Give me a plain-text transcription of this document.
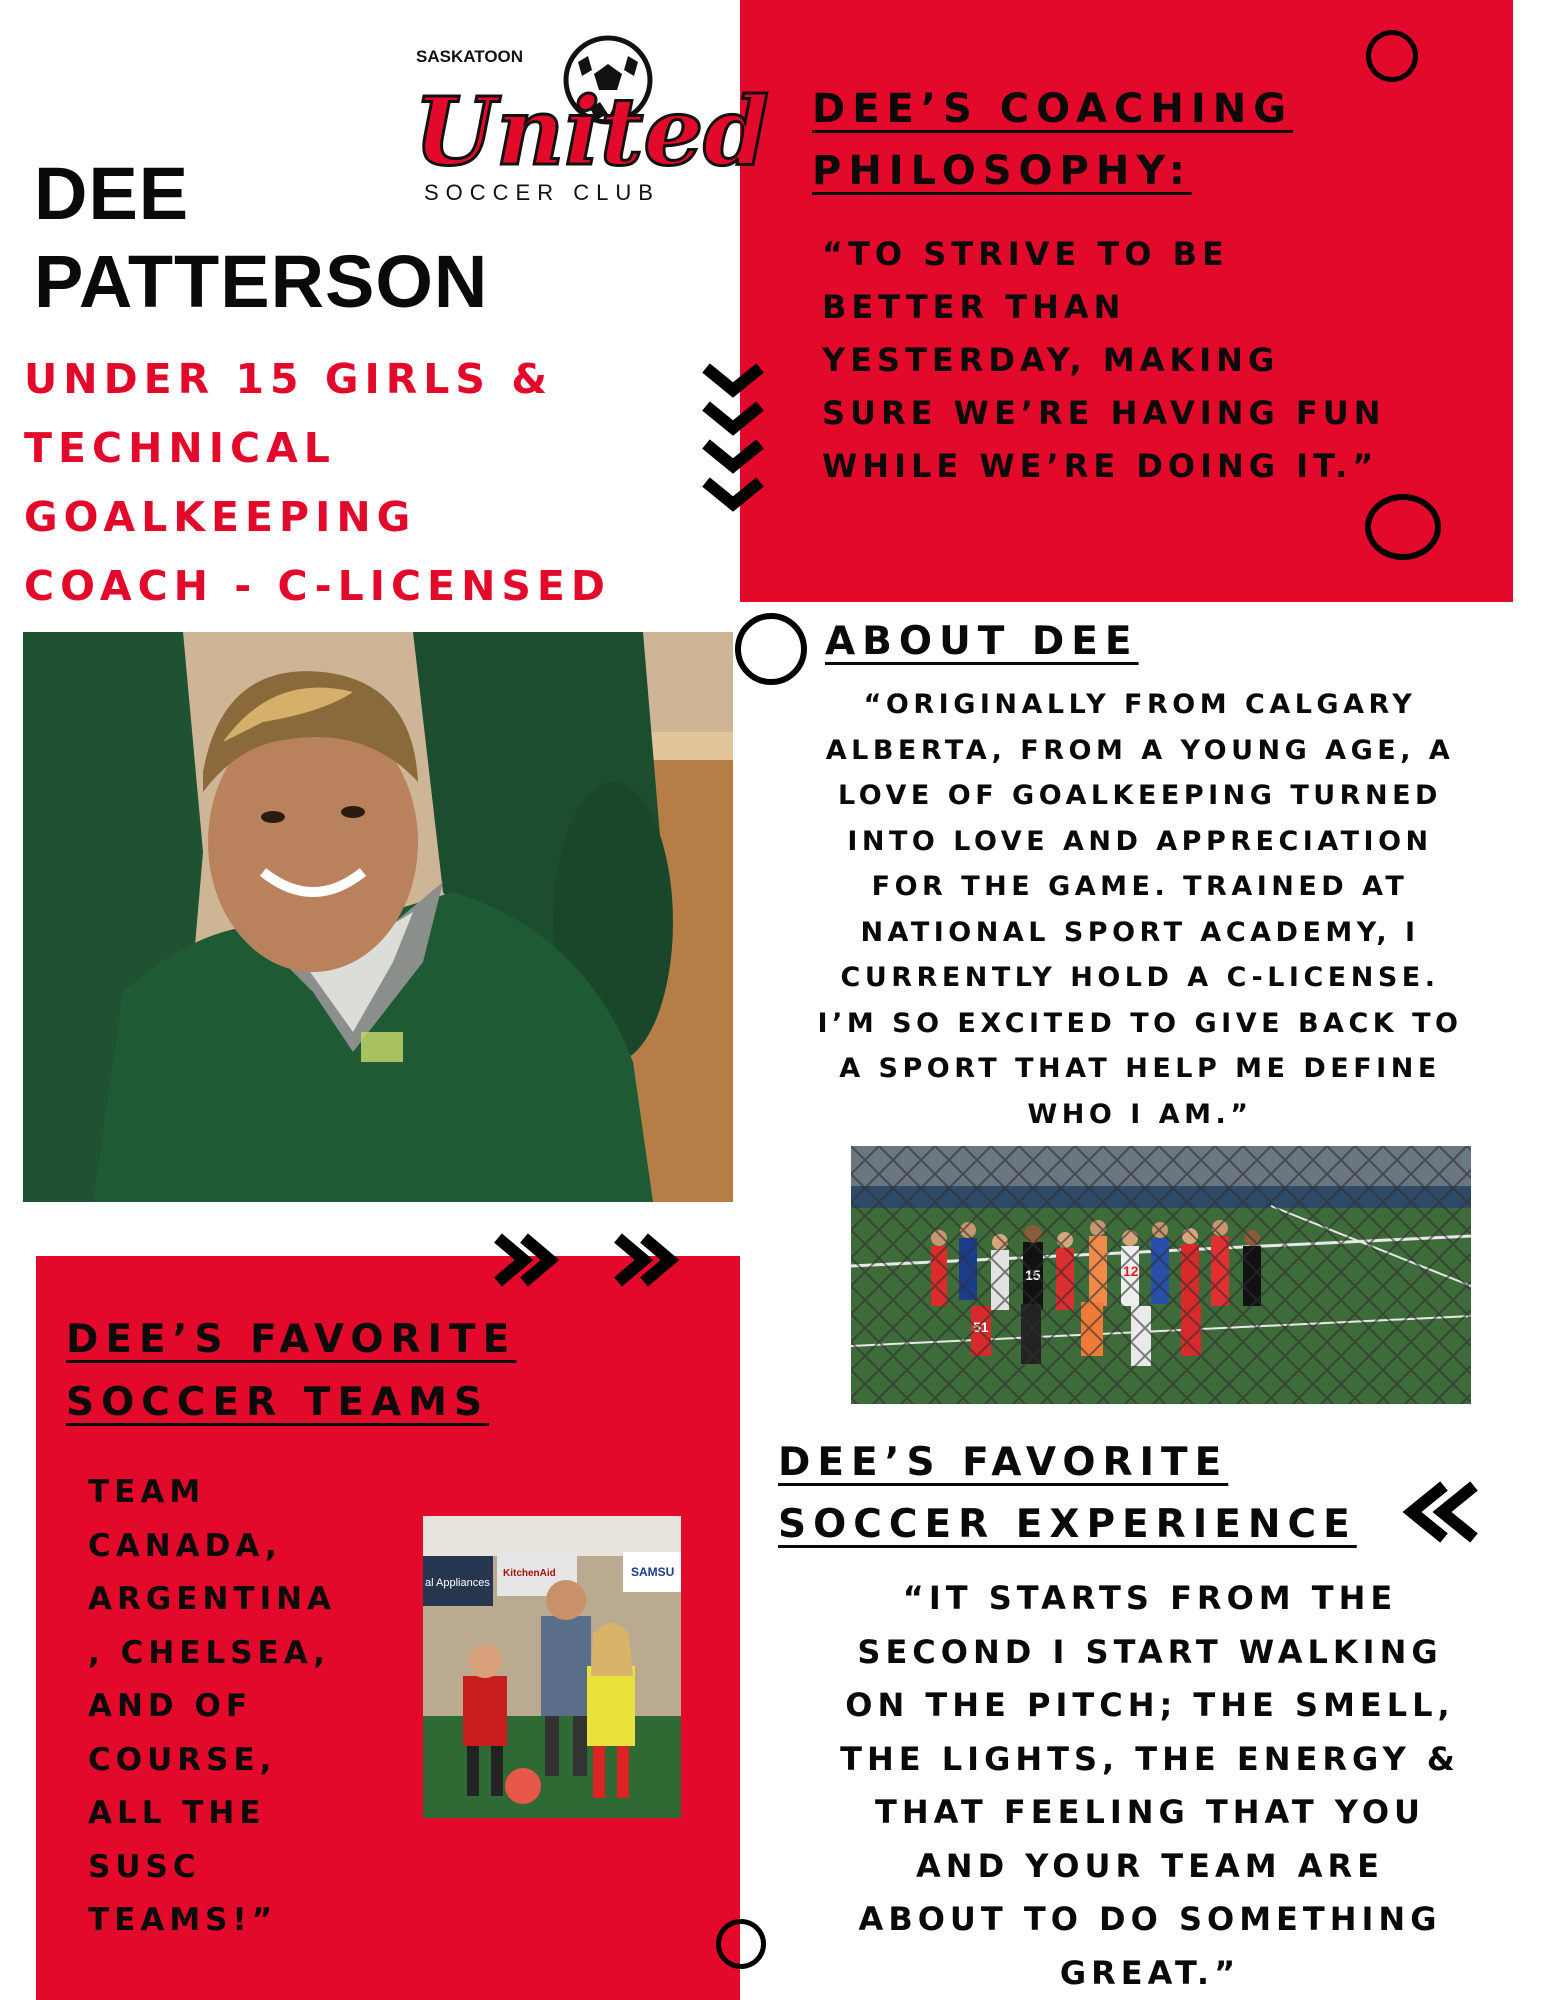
SASKATOON
United
SOCCER CLUB
DEE
PATTERSON
UNDER 15 GIRLS &
TECHNICAL
GOALKEEPING
COACH - C-LICENSED
DEE’S COACHING
PHILOSOPHY:
“TO STRIVE TO BE
BETTER THAN
YESTERDAY, MAKING
SURE WE’RE HAVING FUN
WHILE WE’RE DOING IT.”
ABOUT DEE
“ORIGINALLY FROM CALGARY
ALBERTA, FROM A YOUNG AGE, A
LOVE OF GOALKEEPING TURNED
INTO LOVE AND APPRECIATION
FOR THE GAME. TRAINED AT
NATIONAL SPORT ACADEMY, I
CURRENTLY HOLD A C-LICENSE.
I’M SO EXCITED TO GIVE BACK TO
A SPORT THAT HELP ME DEFINE
WHO I AM.”
DEE’S FAVORITE
SOCCER TEAMS
TEAM
CANADA,
ARGENTINA
, CHELSEA,
AND OF
COURSE,
ALL THE
SUSC
TEAMS!”
al Appliances
KitchenAid	SAMSU
DEE’S FAVORITE
SOCCER EXPERIENCE
“IT STARTS FROM THE
SECOND I START WALKING
ON THE PITCH; THE SMELL,
THE LIGHTS, THE ENERGY &
THAT FEELING THAT YOU
AND YOUR TEAM ARE
ABOUT TO DO SOMETHING
GREAT.”
